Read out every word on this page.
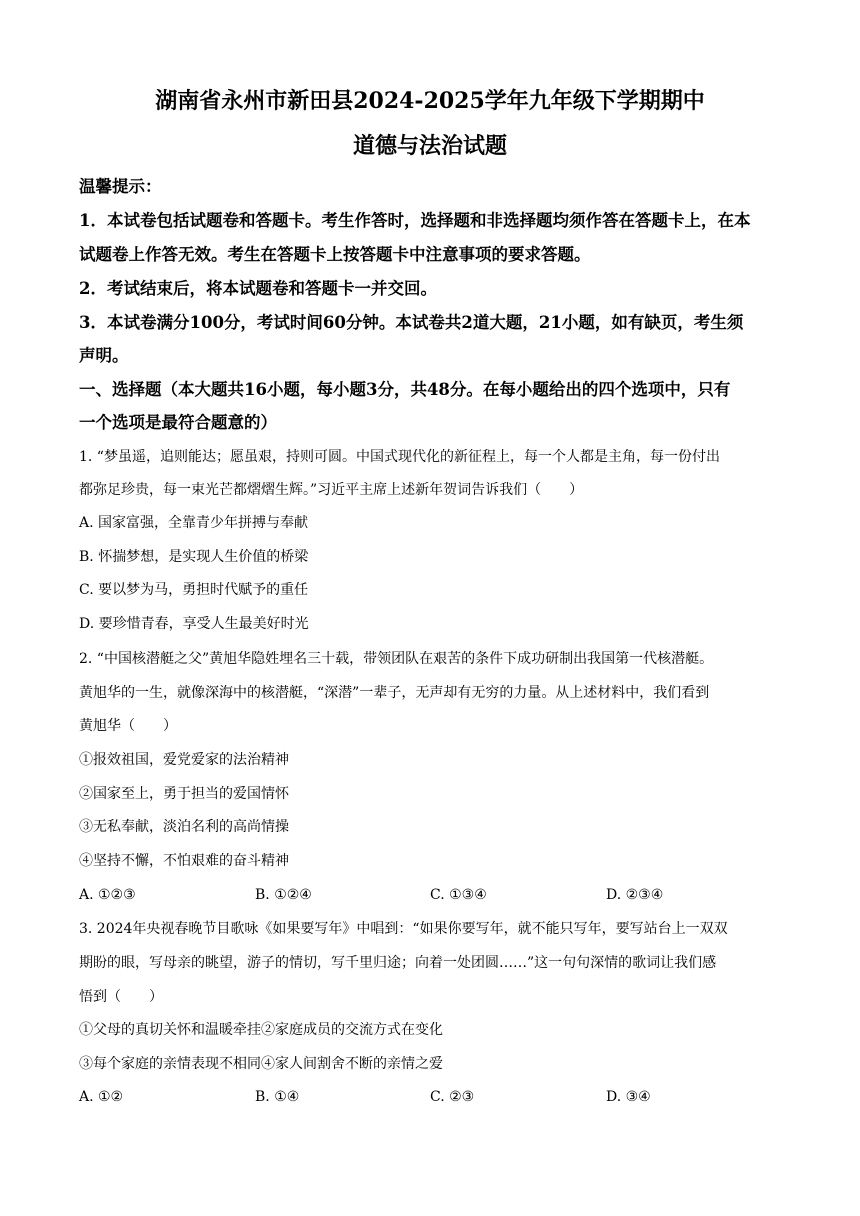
湖南省永州市新田县2024-2025学年九年级下学期期中
道德与法治试题
温馨提示：
1．本试卷包括试题卷和答题卡。考生作答时，选择题和非选择题均须作答在答题卡上，在本
试题卷上作答无效。考生在答题卡上按答题卡中注意事项的要求答题。
2．考试结束后，将本试题卷和答题卡一并交回。
3．本试卷满分100分，考试时间60分钟。本试卷共2道大题，21小题，如有缺页，考生须
声明。
一、选择题（本大题共16小题，每小题3分，共48分。在每小题给出的四个选项中，只有
一个选项是最符合题意的）
1. “梦虽遥，追则能达；愿虽艰，持则可圆。中国式现代化的新征程上，每一个人都是主角，每一份付出
都弥足珍贵，每一束光芒都熠熠生辉。”习近平主席上述新年贺词告诉我们（　　）
A. 国家富强，全靠青少年拼搏与奉献
B. 怀揣梦想，是实现人生价值的桥梁
C. 要以梦为马，勇担时代赋予的重任
D. 要珍惜青春，享受人生最美好时光
2. “中国核潜艇之父”黄旭华隐姓埋名三十载，带领团队在艰苦的条件下成功研制出我国第一代核潜艇。
黄旭华的一生，就像深海中的核潜艇，“深潜”一辈子，无声却有无穷的力量。从上述材料中，我们看到
黄旭华（　　）
①报效祖国，爱党爱家的法治精神
②国家至上，勇于担当的爱国情怀
③无私奉献，淡泊名利的高尚情操
④坚持不懈，不怕艰难的奋斗精神
A. ①②③	B. ①②④	C. ①③④	D. ②③④
3. 2024年央视春晚节目歌咏《如果要写年》中唱到：“如果你要写年，就不能只写年，要写站台上一双双
期盼的眼，写母亲的眺望，游子的情切，写千里归途；向着一处团圆……”这一句句深情的歌词让我们感
悟到（　　）
①父母的真切关怀和温暖牵挂②家庭成员的交流方式在变化
③每个家庭的亲情表现不相同④家人间割舍不断的亲情之爱
A. ①②	B. ①④	C. ②③	D. ③④
